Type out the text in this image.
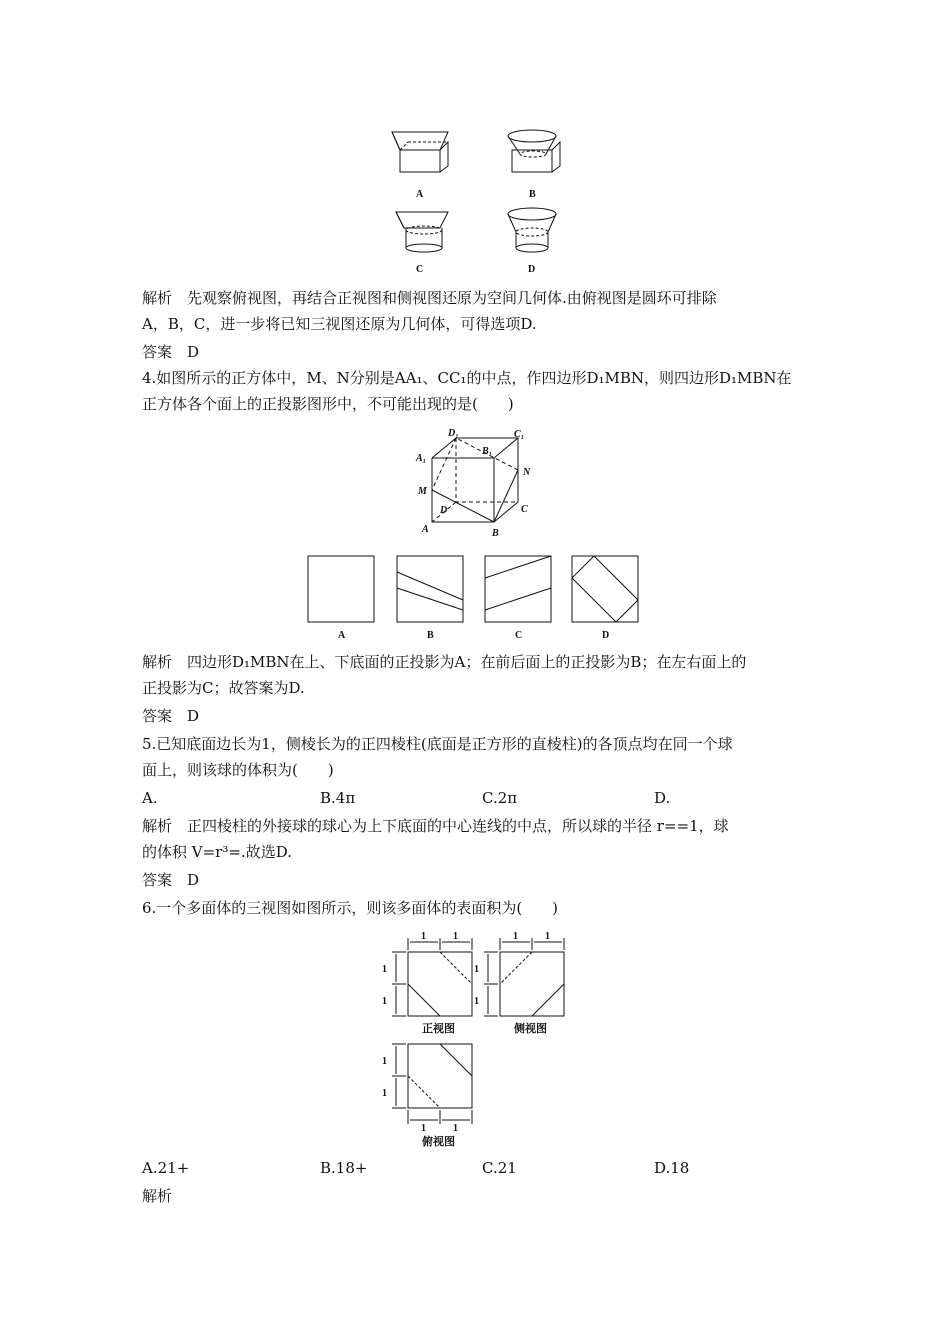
A	B
C	D
解析　先观察俯视图，再结合正视图和侧视图还原为空间几何体.由俯视图是圆环可排除
A，B，C，进一步将已知三视图还原为几何体，可得选项D.
答案　D
4.如图所示的正方体中，M、N分别是AA₁、CC₁的中点，作四边形D₁MBN，则四边形D₁MBN在
正方体各个面上的正投影图形中，不可能出现的是(　　)
D₁	C₁
A₁
B₁
N
M
D	C
A	B
A	B	C	D
解析　四边形D₁MBN在上、下底面的正投影为A；在前后面上的正投影为B；在左右面上的
正投影为C；故答案为D.
答案　D
5.已知底面边长为1，侧棱长为的正四棱柱(底面是正方形的直棱柱)的各顶点均在同一个球
面上，则该球的体积为(　　)
A.	B.4π	C.2π	D.
解析　正四棱柱的外接球的球心为上下底面的中心连线的中点，所以球的半径 r==1，球
的体积 V=r³=.故选D.
答案　D
6.一个多面体的三视图如图所示，则该多面体的表面积为(　　)
1	1
1
1
1	1
1
1
1
1
1	1
正视图	侧视图
俯视图
A.21+	B.18+	C.21	D.18
解析
